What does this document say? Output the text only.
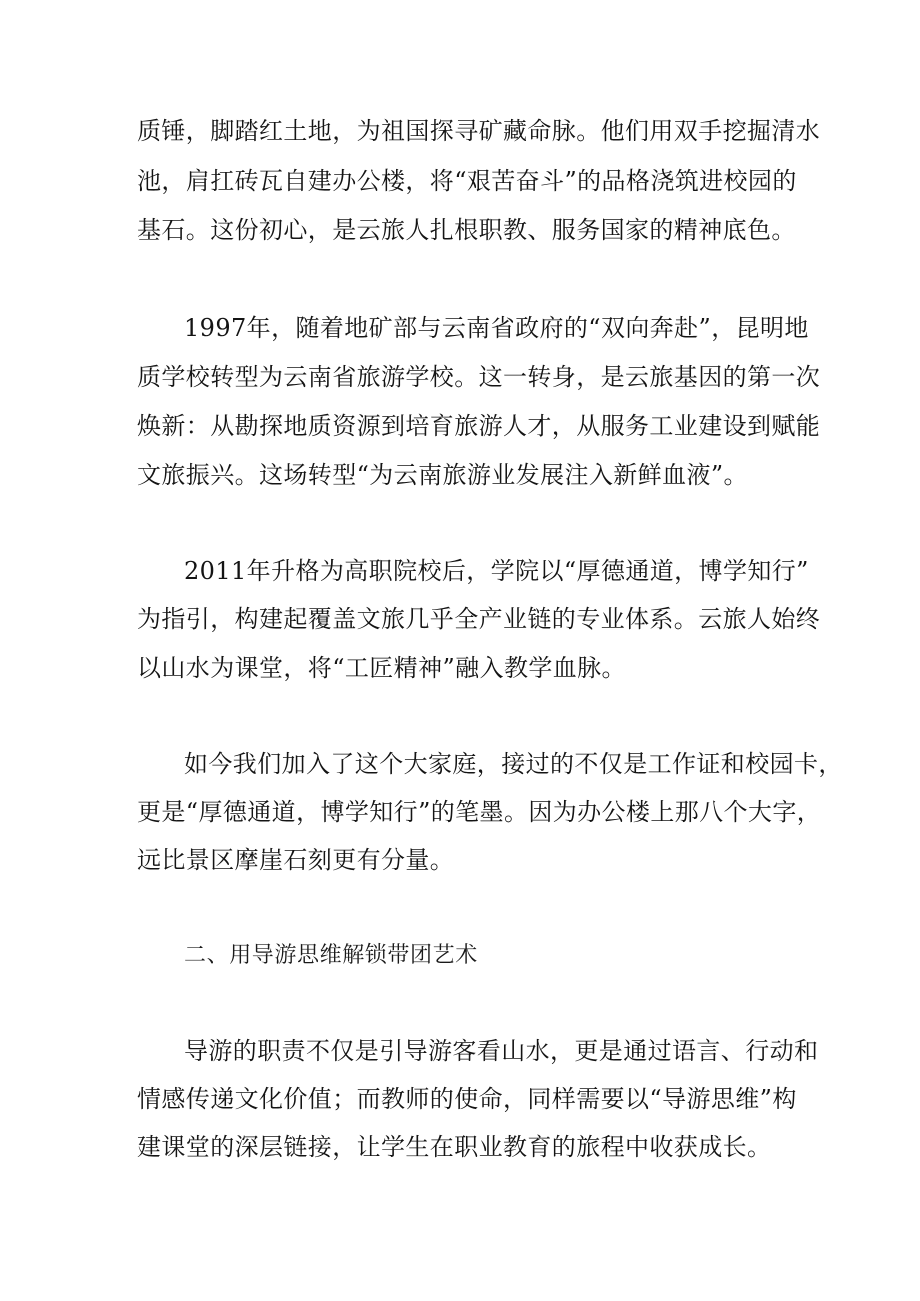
质锤，脚踏红土地，为祖国探寻矿藏命脉。他们用双手挖掘清水

池，肩扛砖瓦自建办公楼，将“艰苦奋斗”的品格浇筑进校园的

基石。这份初心，是云旅人扎根职教、服务国家的精神底色。

1997年，随着地矿部与云南省政府的“双向奔赴”，昆明地

质学校转型为云南省旅游学校。这一转身，是云旅基因的第一次

焕新：从勘探地质资源到培育旅游人才，从服务工业建设到赋能

文旅振兴。这场转型“为云南旅游业发展注入新鲜血液”。

2011年升格为高职院校后，学院以“厚德通道，博学知行”

为指引，构建起覆盖文旅几乎全产业链的专业体系。云旅人始终

以山水为课堂，将“工匠精神”融入教学血脉。

如今我们加入了这个大家庭，接过的不仅是工作证和校园卡，

更是“厚德通道，博学知行”的笔墨。因为办公楼上那八个大字，

远比景区摩崖石刻更有分量。

二、用导游思维解锁带团艺术

导游的职责不仅是引导游客看山水，更是通过语言、行动和

情感传递文化价值；而教师的使命，同样需要以“导游思维”构

建课堂的深层链接，让学生在职业教育的旅程中收获成长。
